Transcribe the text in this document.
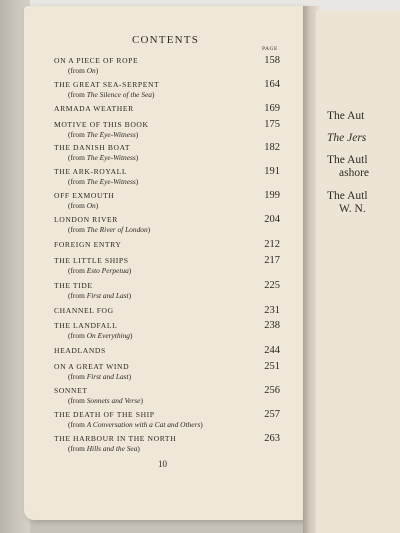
The Aut
The Jers
The Autl
ashore
The Autl
W. N.
CONTENTS
PAGE
ON A PIECE OF ROPE
(from On)
158
THE GREAT SEA-SERPENT
(from The Silence of the Sea)
164
ARMADA WEATHER	169
MOTIVE OF THIS BOOK
(from The Eye-Witness)
175
THE DANISH BOAT
(from The Eye-Witness)
182
THE ARK-ROYALL
(from The Eye-Witness)
191
OFF EXMOUTH
(from On)
199
LONDON RIVER
(from The River of London)
204
FOREIGN ENTRY	212
THE LITTLE SHIPS
(from Esto Perpetua)
217
THE TIDE
(from First and Last)
225
CHANNEL FOG	231
THE LANDFALL
(from On Everything)
238
HEADLANDS	244
ON A GREAT WIND
(from First and Last)
251
SONNET
(from Sonnets and Verse)
256
THE DEATH OF THE SHIP
(from A Conversation with a Cat and Others)
257
THE HARBOUR IN THE NORTH
(from Hills and the Sea)
263
10
